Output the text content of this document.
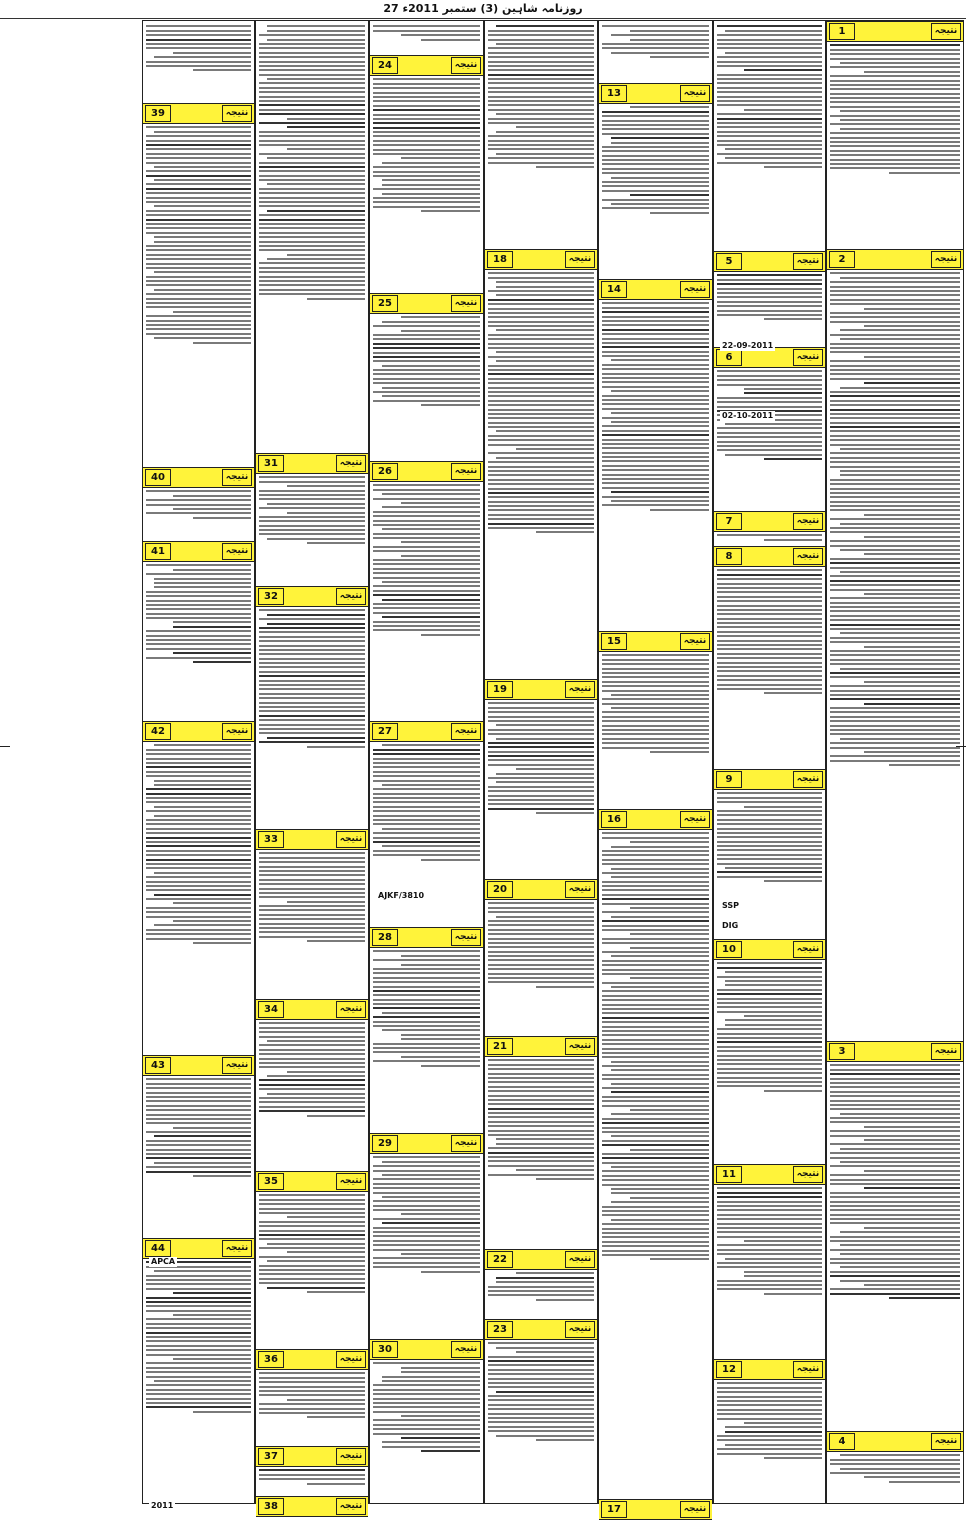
روزنامہ شاہین (3) 27 ستمبر 2011ء
1	نتیجہ
2	نتیجہ
3	نتیجہ
4	نتیجہ
5	نتیجہ
6	نتیجہ
7	نتیجہ
8	نتیجہ
9	نتیجہ
10	نتیجہ
11	نتیجہ
12	نتیجہ
22-09-2011
02-10-2011
SSP
DIG
13	نتیجہ
14	نتیجہ
15	نتیجہ
16	نتیجہ
17	نتیجہ
18	نتیجہ
19	نتیجہ
20	نتیجہ
21	نتیجہ
22	نتیجہ
23	نتیجہ
24	نتیجہ
25	نتیجہ
26	نتیجہ
27	نتیجہ
28	نتیجہ
29	نتیجہ
30	نتیجہ
AJKF/3810
31	نتیجہ
32	نتیجہ
33	نتیجہ
34	نتیجہ
35	نتیجہ
36	نتیجہ
37	نتیجہ
38	نتیجہ
39	نتیجہ
40	نتیجہ
41	نتیجہ
42	نتیجہ
43	نتیجہ
44	نتیجہ
APCA
2011
